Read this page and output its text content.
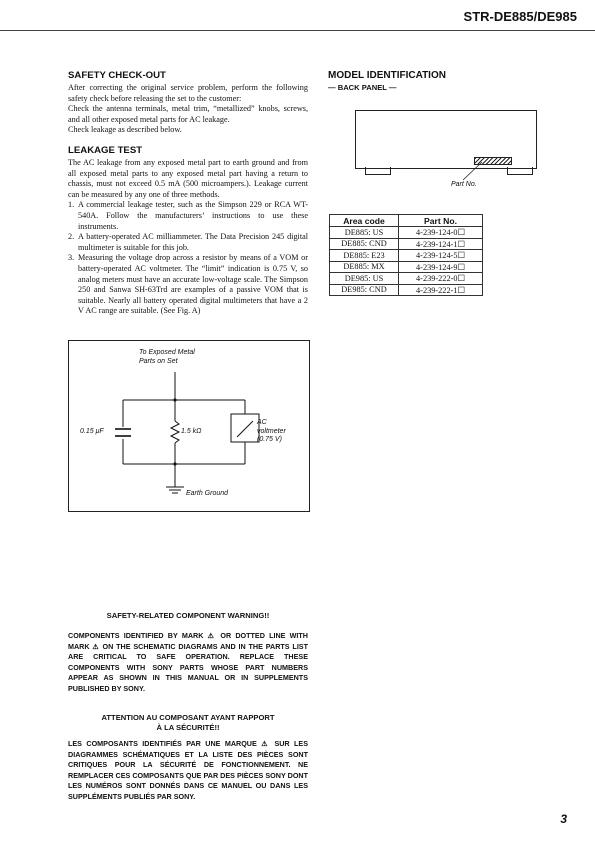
STR-DE885/DE985
SAFETY CHECK-OUT

After correcting the original service problem, perform the following safety check before releasing the set to the customer:

Check the antenna terminals, metal trim, “metallized” knobs, screws, and all other exposed metal parts for AC leakage.

Check leakage as described below.

LEAKAGE TEST

The AC leakage from any exposed metal part to earth ground and from all exposed metal parts to any exposed metal part having a return to chassis, must not exceed 0.5 mA (500 microampers.). Leakage current can be measured by any one of three methods.

1. A commercial leakage tester, such as the Simpson 229 or RCA WT-540A. Follow the manufacturers’ instructions to use these instruments.
2. A battery-operated AC milliammeter. The Data Precision 245 digital multimeter is suitable for this job.
3. Measuring the voltage drop across a resistor by means of a VOM or battery-operated AC voltmeter. The “limit” indication is 0.75 V, so analog meters must have an accurate low-voltage scale. The Simpson 250 and Sanwa SH-63Trd are examples of a passive VOM that is suitable. Nearly all battery operated digital multimeters that have a 2 V AC range are suitable. (See Fig. A)
To Exposed Metal
Parts on Set
0.15 μF	1.5 kΩ
AC
voltmeter
(0.75 V)
Earth Ground
MODEL IDENTIFICATION
— BACK PANEL —
Part No.
Area code	Part No.
DE885: US	4-239-124-0☐
DE885: CND	4-239-124-1☐
DE885: E23	4-239-124-5☐
DE885: MX	4-239-124-9☐
DE985: US	4-239-222-0☐
DE985: CND	4-239-222-1☐
SAFETY-RELATED COMPONENT WARNING!!
COMPONENTS IDENTIFIED BY MARK ⚠ OR DOTTED LINE WITH MARK ⚠ ON THE SCHEMATIC DIAGRAMS AND IN THE PARTS LIST ARE CRITICAL TO SAFE OPERATION. REPLACE THESE COMPONENTS WITH SONY PARTS WHOSE PART NUMBERS APPEAR AS SHOWN IN THIS MANUAL OR IN SUPPLEMENTS PUBLISHED BY SONY.
ATTENTION AU COMPOSANT AYANT RAPPORT
À LA SÉCURITÉ!!
LES COMPOSANTS IDENTIFIÉS PAR UNE MARQUE ⚠ SUR LES DIAGRAMMES SCHÉMATIQUES ET LA LISTE DES PIÈCES SONT CRITIQUES POUR LA SÉCURITÉ DE FONCTIONNEMENT. NE REMPLACER CES COMPOSANTS QUE PAR DES PIÈCES SONY DONT LES NUMÉROS SONT DONNÉS DANS CE MANUEL OU DANS LES SUPPLÉMENTS PUBLIÉS PAR SONY.
3
